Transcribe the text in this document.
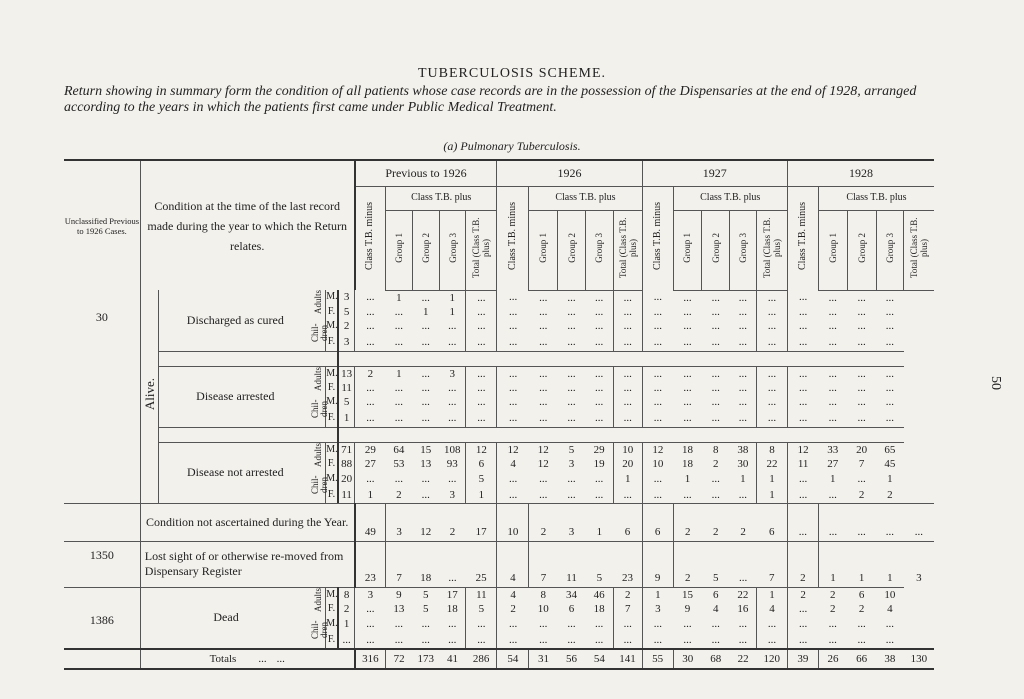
TUBERCULOSIS SCHEME.
Return showing in summary form the condition of all patients whose case records are in the possession of the Dispensaries at the end of 1928, arranged according to the years in which the patients first came under Public Medical Treatment.
(a) Pulmonary Tuberculosis.
50
Unclassified Previous to 1926 Cases.	Condition at the time of the last record made during the year to which the Return relates.					Previous to 1926					1926					1927					1928				
						Class T.B. minus	Class T.B. plus				Class T.B. minus	Class T.B. plus				Class T.B. minus	Class T.B. plus				Class T.B. minus	Class T.B. plus			
							Group 1	Group 2	Group 3	Total (Class T.B. plus)		Group 1	Group 2	Group 3	Total (Class T.B. plus)		Group 1	Group 2	Group 3	Total (Class T.B. plus)		Group 1	Group 2	Group 3	Total (Class T.B. plus)
30	Alive.	Discharged as cured	Adults	M.	3	...	1	...	1	...	...	...	...	...	...	...	...	...	...	...	...	...	...	...	
				F.	5	...	...	1	1	...	...	...	...	...	...	...	...	...	...	...	...	...	...	...	
			Chil- dren	M.	2	...	...	...	...	...	...	...	...	...	...	...	...	...	...	...	...	...	...	...	
				F.	3	...	...	...	...	...	...	...	...	...	...	...	...	...	...	...	...	...	...	...	

		Disease arrested	Adults	M.	13	2	1	...	3	...	...	...	...	...	...	...	...	...	...	...	...	...	...	...	
				F.	11	...	...	...	...	...	...	...	...	...	...	...	...	...	...	...	...	...	...	...	
			Chil- dren	M.	5	...	...	...	...	...	...	...	...	...	...	...	...	...	...	...	...	...	...	...	
				F.	1	...	...	...	...	...	...	...	...	...	...	...	...	...	...	...	...	...	...	...	

		Disease not arrested	Adults	M.	71	29	64	15	108	12	12	12	5	29	10	12	18	8	38	8	12	33	20	65	
				F.	88	27	53	13	93	6	4	12	3	19	20	10	18	2	30	22	11	27	7	45	
			Chil- dren	M.	20	...	...	...	...	5	...	...	...	...	1	...	1	...	1	1	...	1	...	1	
				F.	11	1	2	...	3	1	...	...	...	...	...	...	...	...	...	1	...	...	2	2	

	Condition not ascertained during the Year.					49	3	12	2	17	10	2	3	1	6	6	2	2	2	6	...	...	...	...	...
1350	Lost sight of or otherwise re-moved from Dispensary Register					23	7	18	...	25	4	7	11	5	23	9	2	5	...	7	2	1	1	1	3
1386	Dead		Adults	M.	8	3	9	5	17	11	4	8	34	46	2	1	15	6	22	1	2	2	6	10	
				F.	2	...	13	5	18	5	2	10	6	18	7	3	9	4	16	4	...	2	2	4	
			Chil- dren	M.	1	...	...	...	...	...	...	...	...	...	...	...	...	...	...	...	...	...	...	...	
				F.	...	...	...	...	...	...	...	...	...	...	...	...	...	...	...	...	...	...	...	...	
	Totals ... ...					316	72	173	41	286	54	31	56	54	141	55	30	68	22	120	39	26	66	38	130
